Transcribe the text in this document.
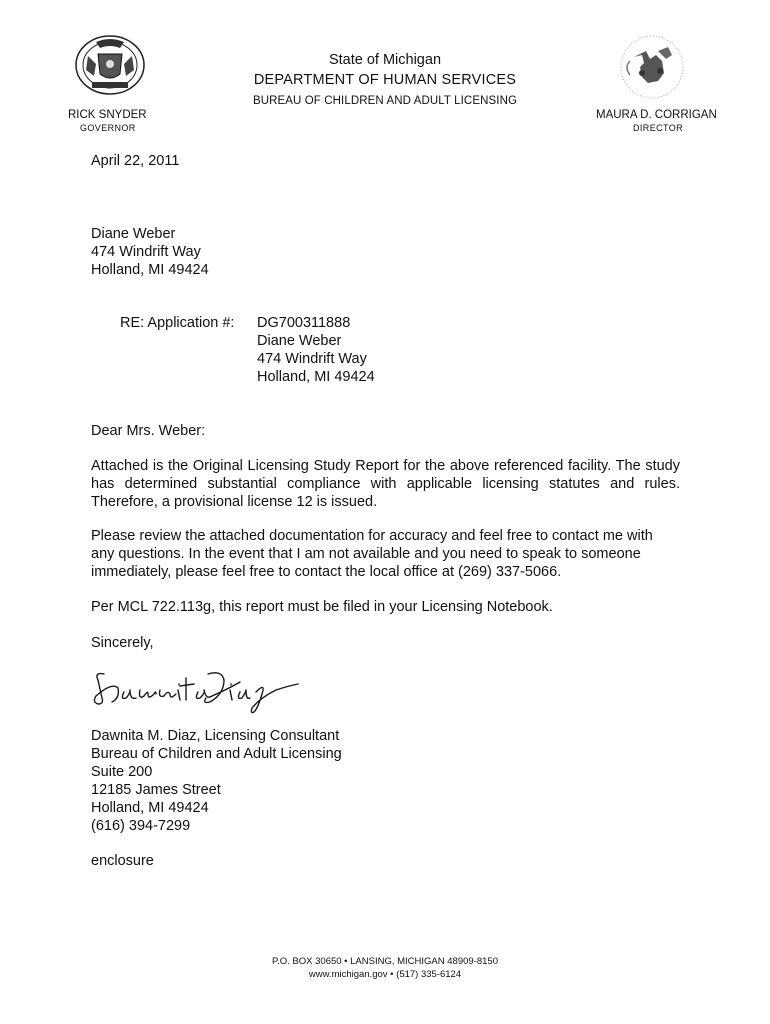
State of Michigan
DEPARTMENT OF HUMAN SERVICES
BUREAU OF CHILDREN AND ADULT LICENSING
RICK SNYDER
GOVERNOR
MAURA D. CORRIGAN
DIRECTOR
April 22, 2011
Diane Weber
474 Windrift Way
Holland, MI 49424
RE: Application #: DG700311888
Diane Weber
474 Windrift Way
Holland, MI 49424
Dear Mrs. Weber:
Attached is the Original Licensing Study Report for the above referenced facility. The study has determined substantial compliance with applicable licensing statutes and rules. Therefore, a provisional license 12 is issued.
Please review the attached documentation for accuracy and feel free to contact me with
any questions. In the event that I am not available and you need to speak to someone
immediately, please feel free to contact the local office at (269) 337-5066.
Per MCL 722.113g, this report must be filed in your Licensing Notebook.
Sincerely,
Dawnita M. Diaz, Licensing Consultant
Bureau of Children and Adult Licensing
Suite 200
12185 James Street
Holland, MI 49424
(616) 394-7299
enclosure
P.O. BOX 30650 • LANSING, MICHIGAN 48909-8150
www.michigan.gov • (517) 335-6124
